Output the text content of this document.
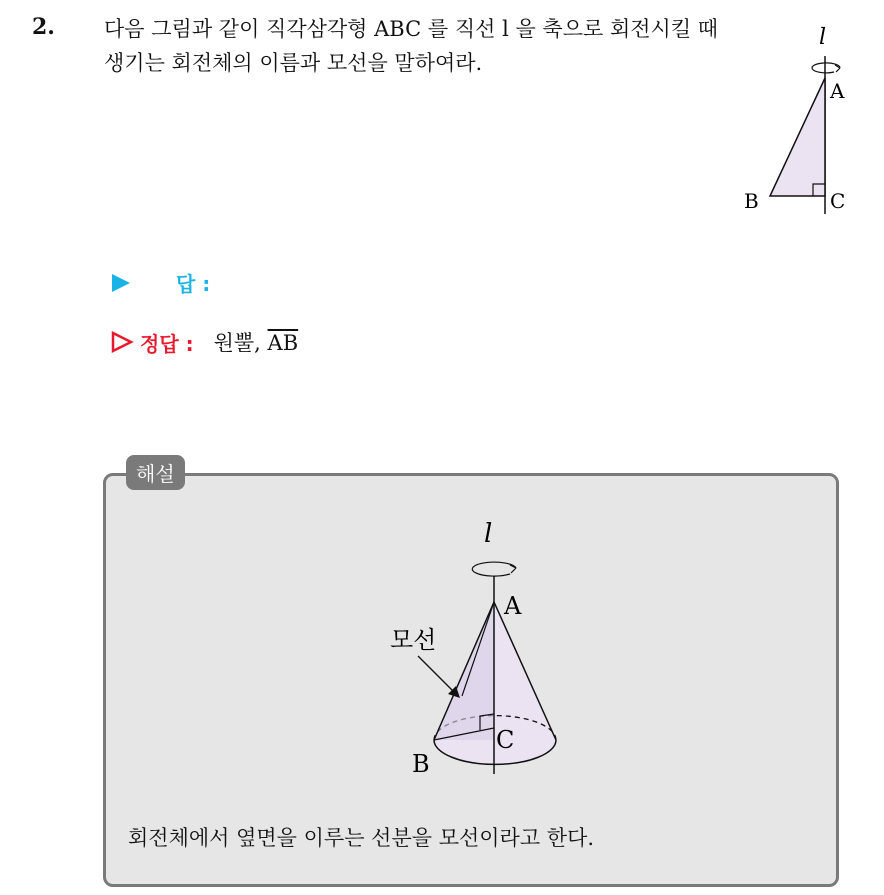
2. 다음 그림과 같이 직각삼각형 ABC 를 직선 l 을 축으로 회전시킬 때 생기는 회전체의 이름과 모선을 말하여라.
l
A
B	C
답 :
정답 : 원뿔, $\overline{AB}$
해설
l
A
B
C
모선
회전체에서 옆면을 이루는 선분을 모선이라고 한다.
